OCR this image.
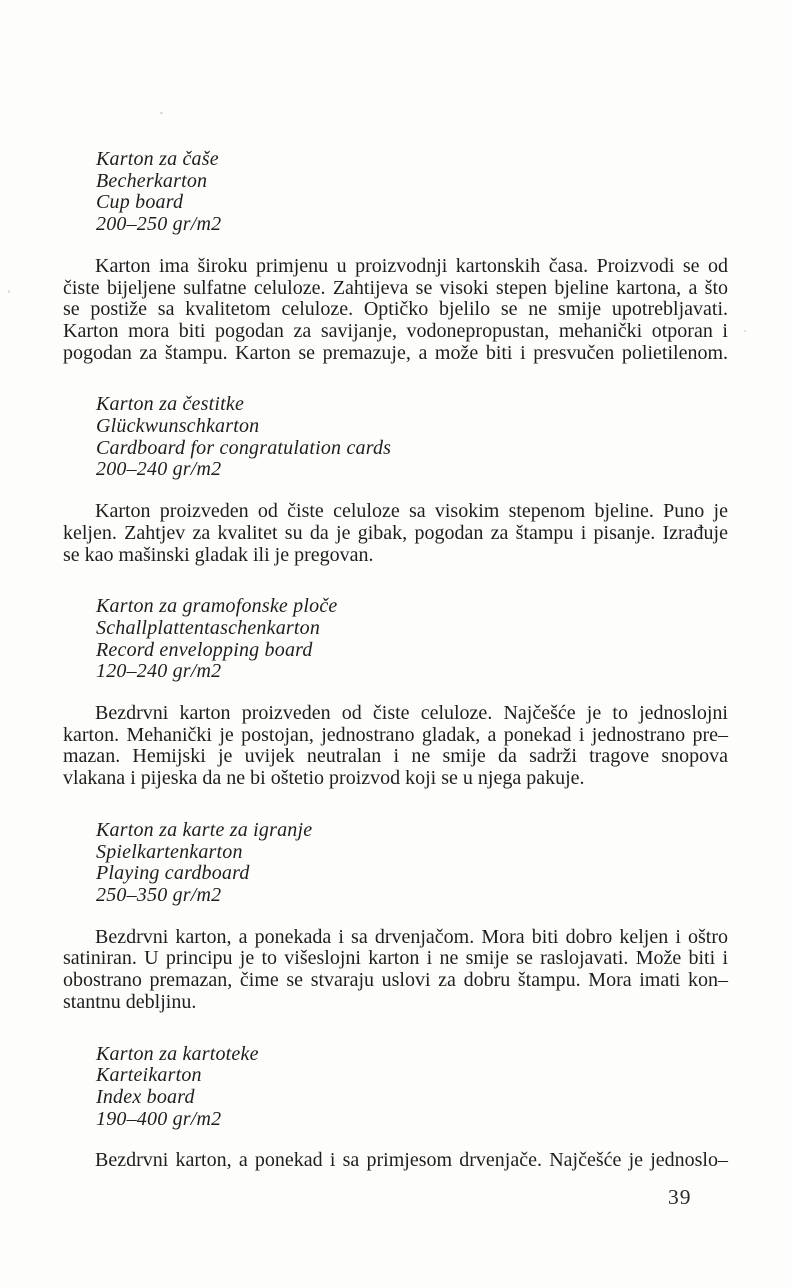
Karton za čaše
Becherkarton
Cup board
200–250 gr/m2
Karton ima široku primjenu u proizvodnji kartonskih časa. Proizvodi se od
čiste bijeljene sulfatne celuloze. Zahtijeva se visoki stepen bjeline kartona, a što
se postiže sa kvalitetom celuloze. Optičko bjelilo se ne smije upotrebljavati.
Karton mora biti pogodan za savijanje, vodonepropustan, mehanički otporan i
pogodan za štampu. Karton se premazuje, a može biti i presvučen polietilenom.
Karton za čestitke
Glückwunschkarton
Cardboard for congratulation cards
200–240 gr/m2
Karton proizveden od čiste celuloze sa visokim stepenom bjeline. Puno je
keljen. Zahtjev za kvalitet su da je gibak, pogodan za štampu i pisanje. Izrađuje
se kao mašinski gladak ili je pregovan.
Karton za gramofonske ploče
Schallplattentaschenkarton
Record envelopping board
120–240 gr/m2
Bezdrvni karton proizveden od čiste celuloze. Najčešće je to jednoslojni
karton. Mehanički je postojan, jednostrano gladak, a ponekad i jednostrano pre–
mazan. Hemijski je uvijek neutralan i ne smije da sadrži tragove snopova
vlakana i pijeska da ne bi oštetio proizvod koji se u njega pakuje.
Karton za karte za igranje
Spielkartenkarton
Playing cardboard
250–350 gr/m2
Bezdrvni karton, a ponekada i sa drvenjačom. Mora biti dobro keljen i oštro
satiniran. U principu je to višeslojni karton i ne smije se raslojavati. Može biti i
obostrano premazan, čime se stvaraju uslovi za dobru štampu. Mora imati kon–
stantnu debljinu.
Karton za kartoteke
Karteikarton
Index board
190–400 gr/m2
Bezdrvni karton, a ponekad i sa primjesom drvenjače. Najčešće je jednoslo–
39
